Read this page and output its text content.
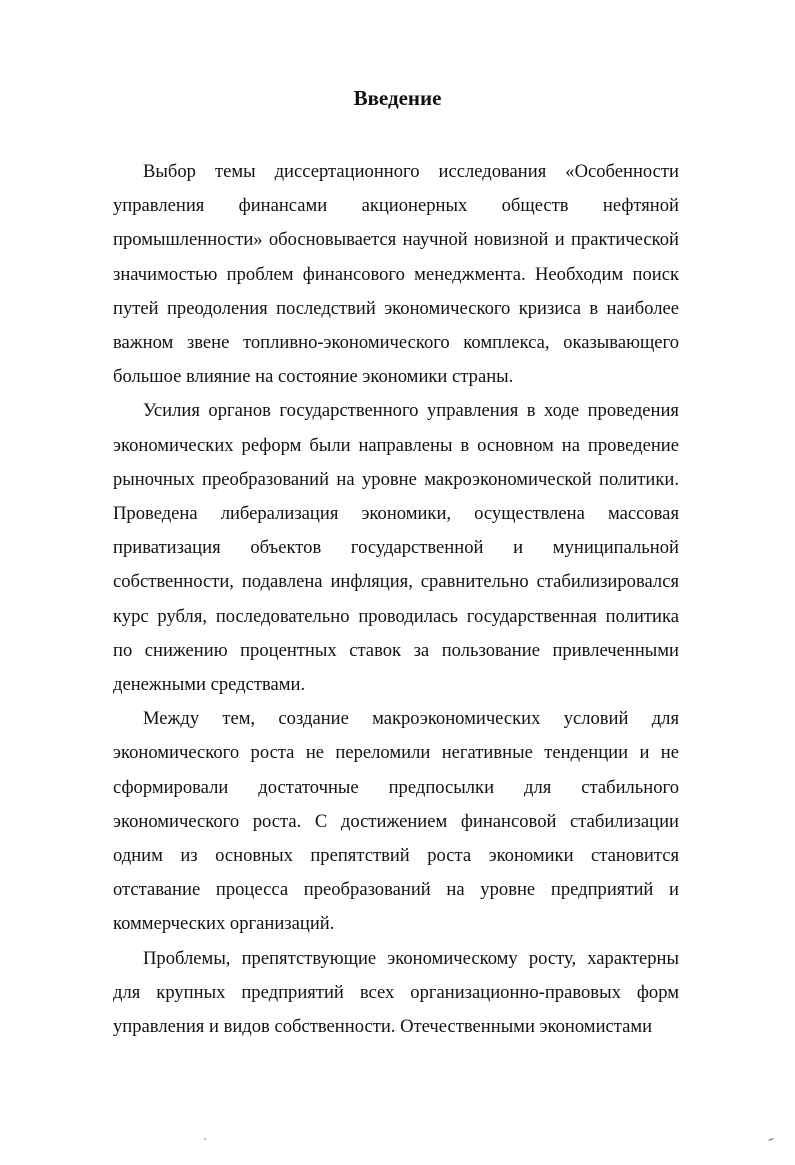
Введение

Выбор темы диссертационного исследования «Особенности управления финансами акционерных обществ нефтяной промышленности» обосновывается научной новизной и практической значимостью проблем финансового менеджмента. Необходим поиск путей преодоления последствий экономического кризиса в наиболее важном звене топливно-экономического комплекса, оказывающего большое влияние на состояние экономики страны.

Усилия органов государственного управления в ходе проведения экономических реформ были направлены в основном на проведение рыночных преобразований на уровне макроэкономической политики. Проведена либерализация экономики, осуществлена массовая приватизация объектов государственной и муниципальной собственности, подавлена инфляция, сравнительно стабилизировался курс рубля, последовательно проводилась государственная политика по снижению процентных ставок за пользование привлеченными денежными средствами.

Между тем, создание макроэкономических условий для экономического роста не переломили негативные тенденции и не сформировали достаточные предпосылки для стабильного экономического роста. С достижением финансовой стабилизации одним из основных препятствий роста экономики становится отставание процесса преобразований на уровне предприятий и коммерческих организаций.

Проблемы, препятствующие экономическому росту, характерны для крупных предприятий всех организационно-правовых форм управления и видов собственности. Отечественными экономистами
